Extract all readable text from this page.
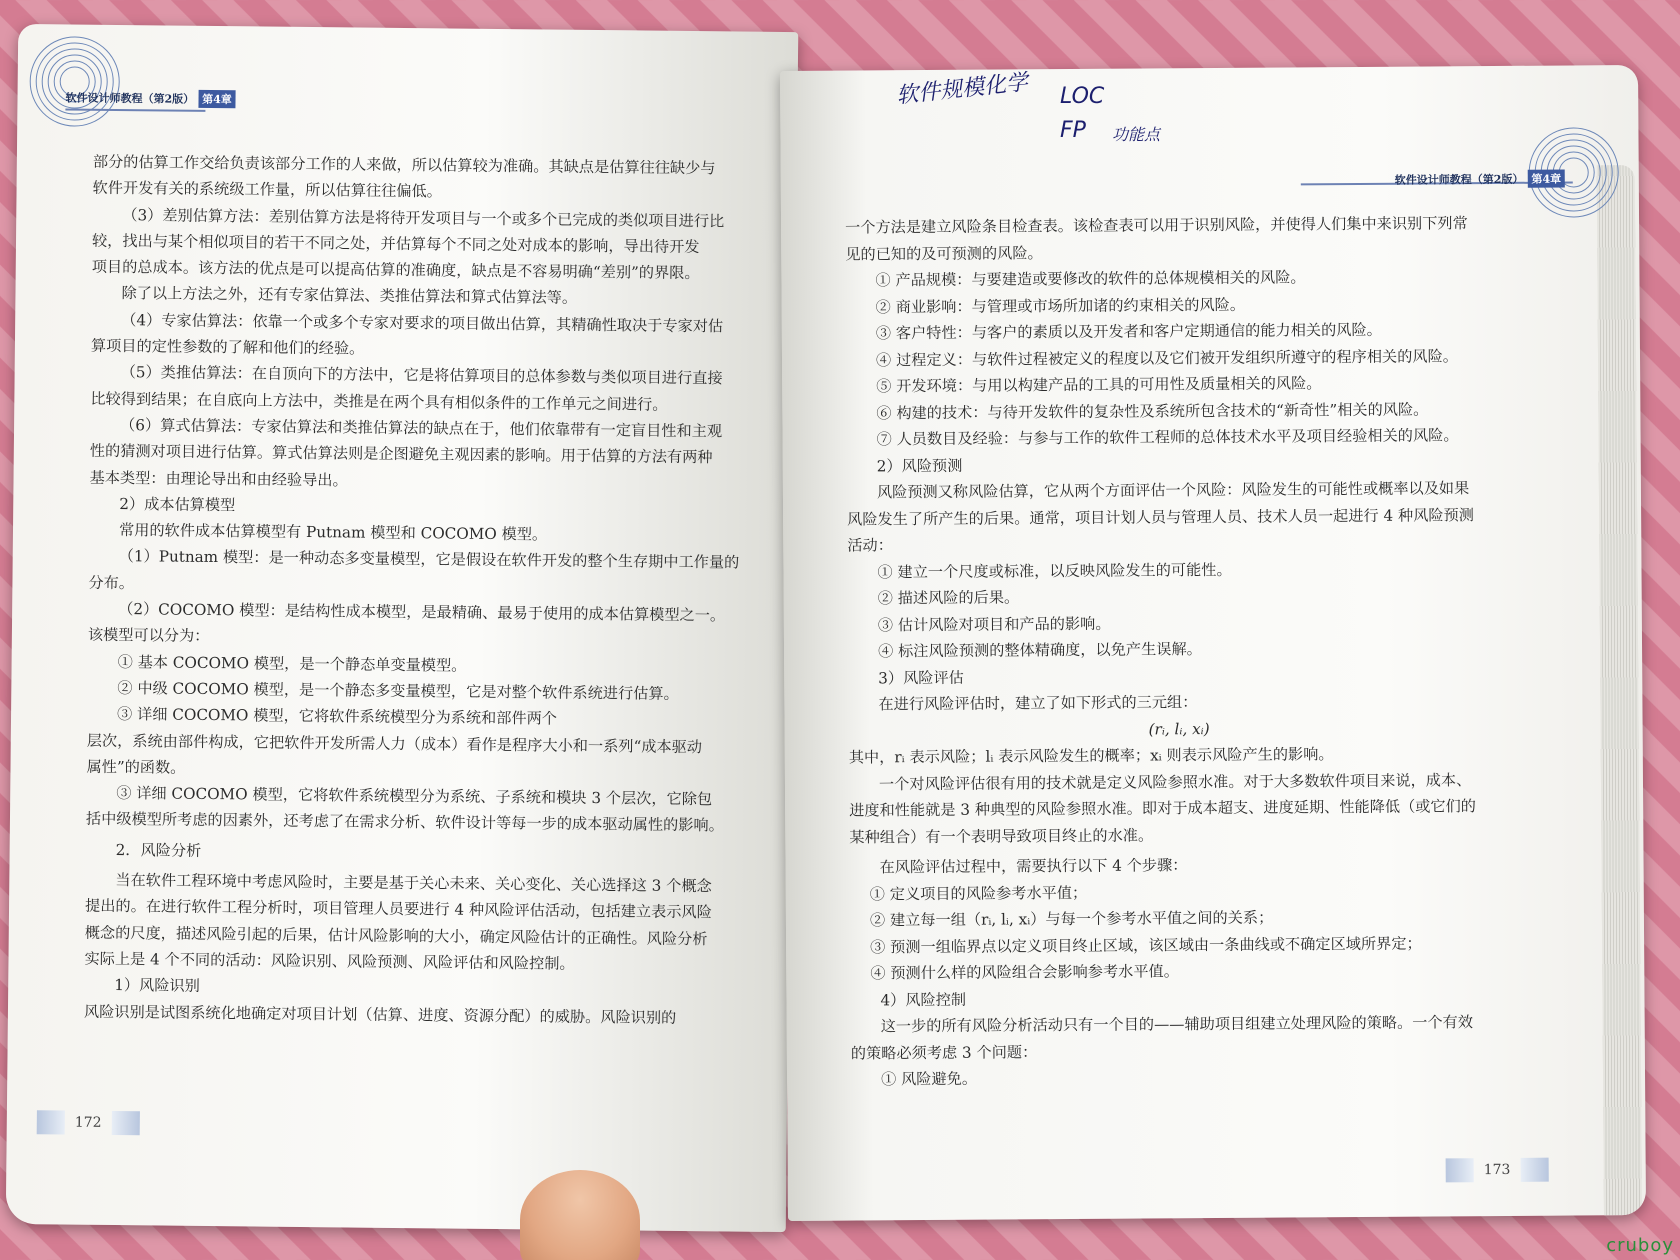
软件设计师教程（第2版） 第4章

部分的估算工作交给负责该部分工作的人来做，所以估算较为准确。其缺点是估算往往缺少与

软件开发有关的系统级工作量，所以估算往往偏低。

（3）差别估算方法：差别估算方法是将待开发项目与一个或多个已完成的类似项目进行比

较，找出与某个相似项目的若干不同之处，并估算每个不同之处对成本的影响，导出待开发

项目的总成本。该方法的优点是可以提高估算的准确度，缺点是不容易明确“差别”的界限。

除了以上方法之外，还有专家估算法、类推估算法和算式估算法等。

（4）专家估算法：依靠一个或多个专家对要求的项目做出估算，其精确性取决于专家对估

算项目的定性参数的了解和他们的经验。

（5）类推估算法：在自顶向下的方法中，它是将估算项目的总体参数与类似项目进行直接

比较得到结果；在自底向上方法中，类推是在两个具有相似条件的工作单元之间进行。

（6）算式估算法：专家估算法和类推估算法的缺点在于，他们依靠带有一定盲目性和主观

性的猜测对项目进行估算。算式估算法则是企图避免主观因素的影响。用于估算的方法有两种

基本类型：由理论导出和由经验导出。

2）成本估算模型

常用的软件成本估算模型有 Putnam 模型和 COCOMO 模型。

（1）Putnam 模型：是一种动态多变量模型，它是假设在软件开发的整个生存期中工作量的

分布。

（2）COCOMO 模型：是结构性成本模型，是最精确、最易于使用的成本估算模型之一。

该模型可以分为：

① 基本 COCOMO 模型，是一个静态单变量模型。

② 中级 COCOMO 模型，是一个静态多变量模型，它是对整个软件系统进行估算。

③ 详细 COCOMO 模型，它将软件系统模型分为系统和部件两个

层次，系统由部件构成，它把软件开发所需人力（成本）看作是程序大小和一系列“成本驱动

属性”的函数。

③ 详细 COCOMO 模型，它将软件系统模型分为系统、子系统和模块 3 个层次，它除包

括中级模型所考虑的因素外，还考虑了在需求分析、软件设计等每一步的成本驱动属性的影响。

2．风险分析

当在软件工程环境中考虑风险时，主要是基于关心未来、关心变化、关心选择这 3 个概念

提出的。在进行软件工程分析时，项目管理人员要进行 4 种风险评估活动，包括建立表示风险

概念的尺度，描述风险引起的后果，估计风险影响的大小，确定风险估计的正确性。风险分析

实际上是 4 个不同的活动：风险识别、风险预测、风险评估和风险控制。

1）风险识别

风险识别是试图系统化地确定对项目计划（估算、进度、资源分配）的威胁。风险识别的

172
软件设计师教程（第2版） 第4章

一个方法是建立风险条目检查表。该检查表可以用于识别风险，并使得人们集中来识别下列常

见的已知的及可预测的风险。

① 产品规模：与要建造或要修改的软件的总体规模相关的风险。

② 商业影响：与管理或市场所加诸的约束相关的风险。

③ 客户特性：与客户的素质以及开发者和客户定期通信的能力相关的风险。

④ 过程定义：与软件过程被定义的程度以及它们被开发组织所遵守的程序相关的风险。

⑤ 开发环境：与用以构建产品的工具的可用性及质量相关的风险。

⑥ 构建的技术：与待开发软件的复杂性及系统所包含技术的“新奇性”相关的风险。

⑦ 人员数目及经验：与参与工作的软件工程师的总体技术水平及项目经验相关的风险。

2）风险预测

风险预测又称风险估算，它从两个方面评估一个风险：风险发生的可能性或概率以及如果

风险发生了所产生的后果。通常，项目计划人员与管理人员、技术人员一起进行 4 种风险预测

活动：

① 建立一个尺度或标准，以反映风险发生的可能性。

② 描述风险的后果。

③ 估计风险对项目和产品的影响。

④ 标注风险预测的整体精确度，以免产生误解。

3）风险评估

在进行风险评估时，建立了如下形式的三元组：

(rᵢ, lᵢ, xᵢ)

其中，rᵢ 表示风险；lᵢ 表示风险发生的概率；xᵢ 则表示风险产生的影响。

一个对风险评估很有用的技术就是定义风险参照水准。对于大多数软件项目来说，成本、

进度和性能就是 3 种典型的风险参照水准。即对于成本超支、进度延期、性能降低（或它们的

某种组合）有一个表明导致项目终止的水准。

在风险评估过程中，需要执行以下 4 个步骤：

① 定义项目的风险参考水平值；

② 建立每一组（rᵢ, lᵢ, xᵢ）与每一个参考水平值之间的关系；

③ 预测一组临界点以定义项目终止区域，该区域由一条曲线或不确定区域所界定；

④ 预测什么样的风险组合会影响参考水平值。

4）风险控制

这一步的所有风险分析活动只有一个目的——辅助项目组建立处理风险的策略。一个有效

的策略必须考虑 3 个问题：

① 风险避免。

173
软件规模化学 LOC
FP 功能点
cruboy
